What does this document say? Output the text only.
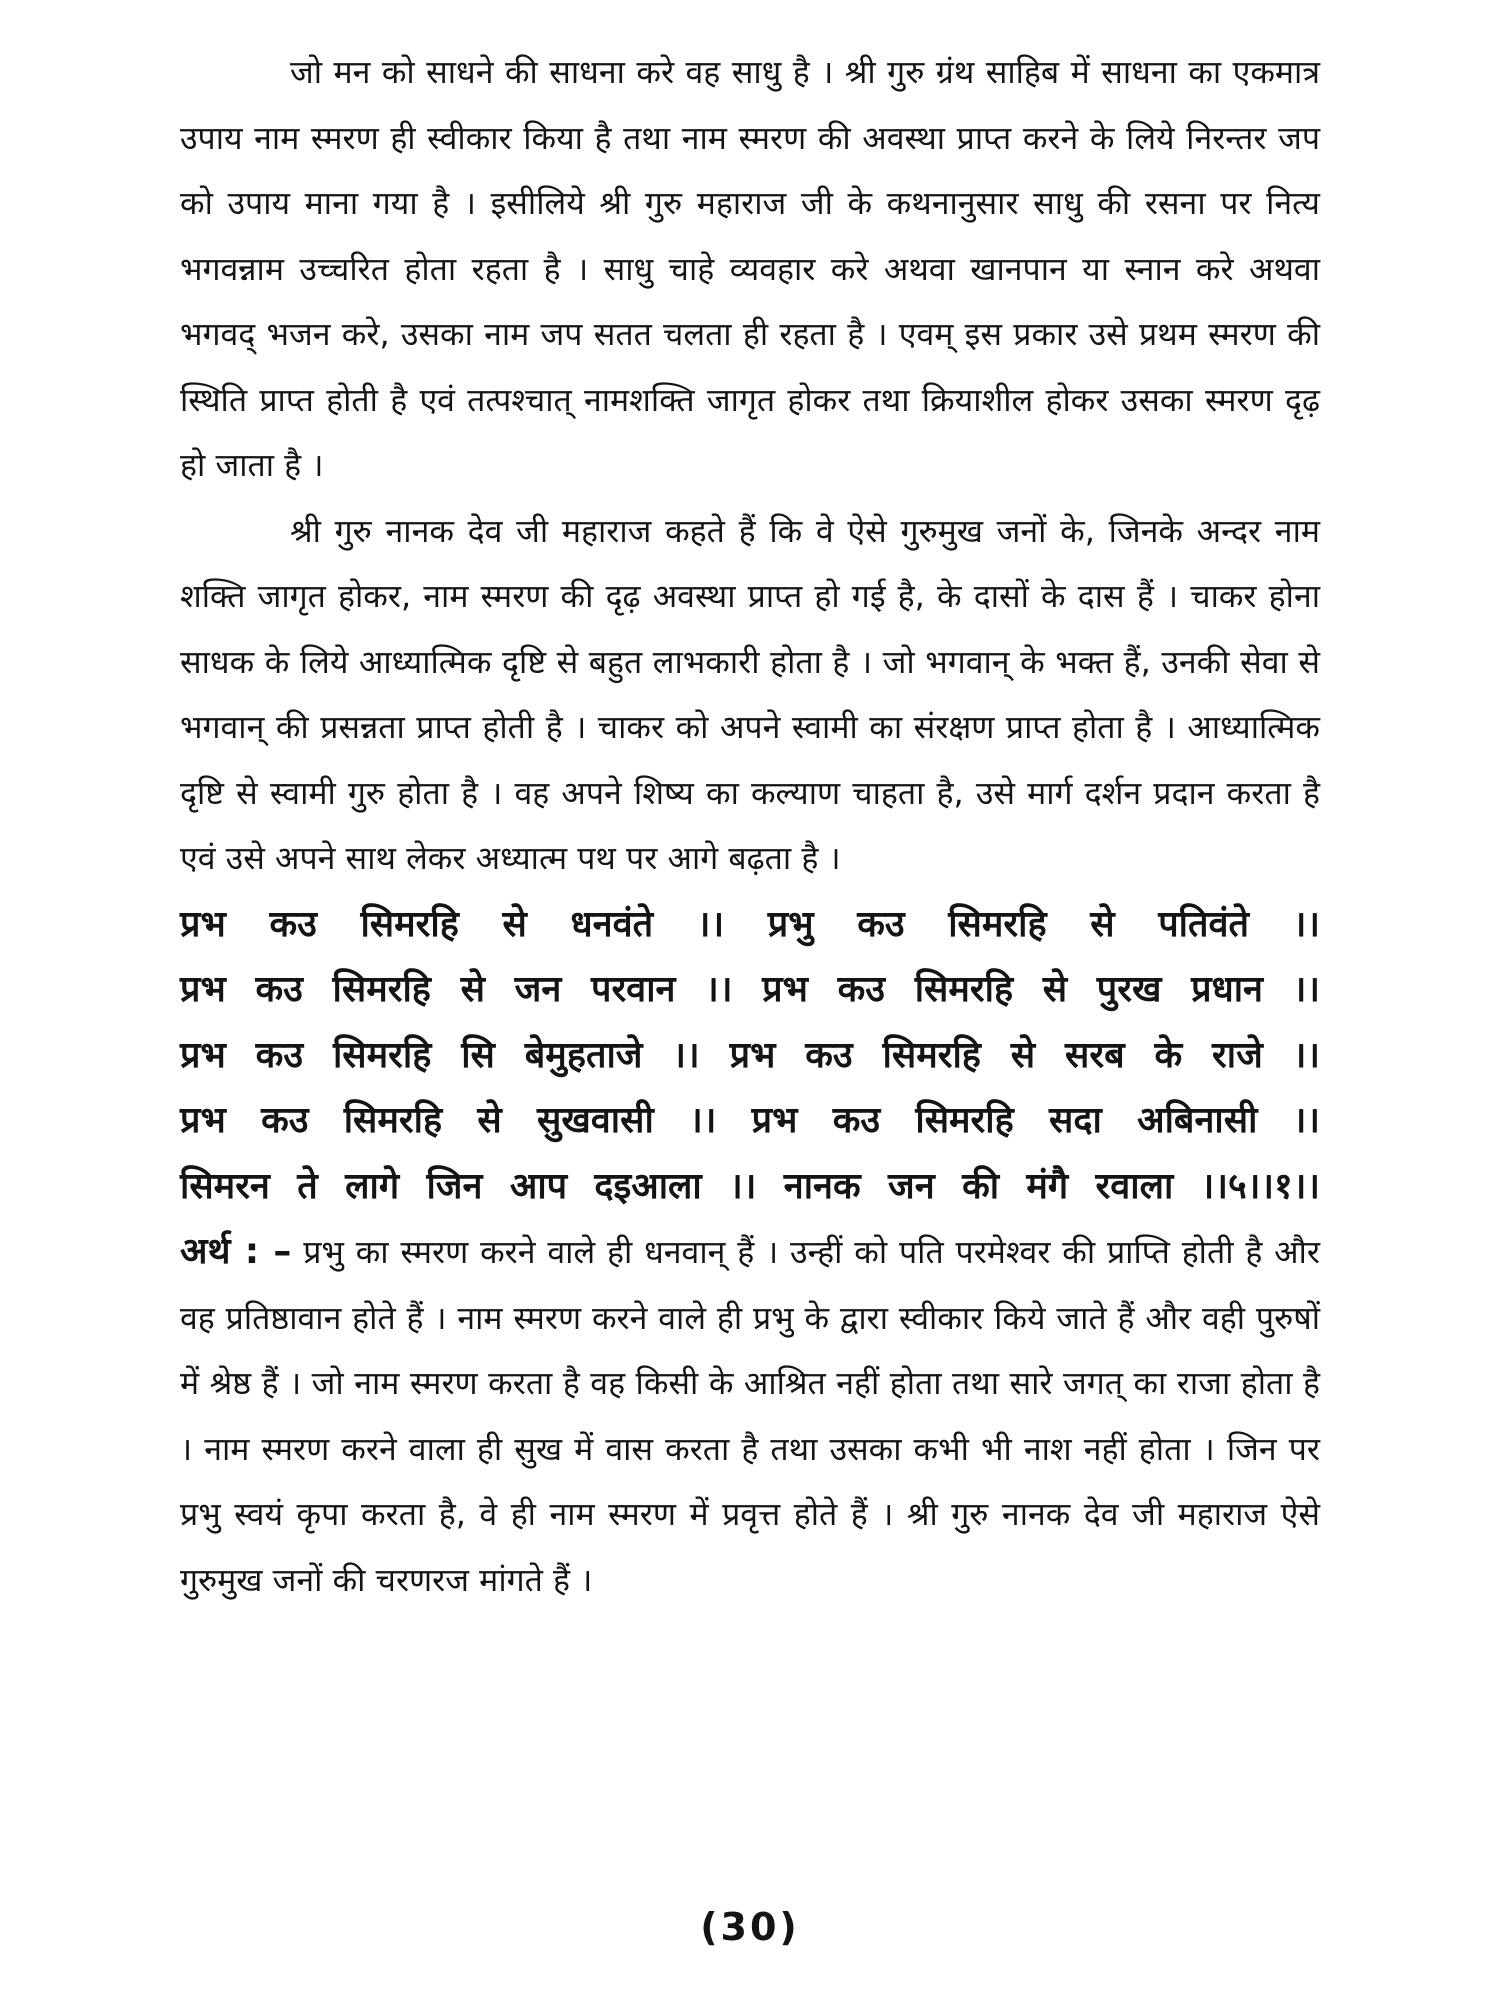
जो मन को साधने की साधना करे वह साधु है । श्री गुरु ग्रंथ साहिब में साधना का एकमात्र उपाय नाम स्मरण ही स्वीकार किया है तथा नाम स्मरण की अवस्था प्राप्त करने के लिये निरन्तर जप को उपाय माना गया है । इसीलिये श्री गुरु महाराज जी के कथनानुसार साधु की रसना पर नित्य भगवन्नाम उच्चरित होता रहता है । साधु चाहे व्यवहार करे अथवा खानपान या स्नान करे अथवा भगवद् भजन करे, उसका नाम जप सतत चलता ही रहता है । एवम् इस प्रकार उसे प्रथम स्मरण की स्थिति प्राप्त होती है एवं तत्पश्चात् नामशक्ति जागृत होकर तथा क्रियाशील होकर उसका स्मरण दृढ़ हो जाता है ।

श्री गुरु नानक देव जी महाराज कहते हैं कि वे ऐसे गुरुमुख जनों के, जिनके अन्दर नाम शक्ति जागृत होकर, नाम स्मरण की दृढ़ अवस्था प्राप्त हो गई है, के दासों के दास हैं । चाकर होना साधक के लिये आध्यात्मिक दृष्टि से बहुत लाभकारी होता है । जो भगवान् के भक्त हैं, उनकी सेवा से भगवान् की प्रसन्नता प्राप्त होती है । चाकर को अपने स्वामी का संरक्षण प्राप्त होता है । आध्यात्मिक दृष्टि से स्वामी गुरु होता है । वह अपने शिष्य का कल्याण चाहता है, उसे मार्ग दर्शन प्रदान करता है एवं उसे अपने साथ लेकर अध्यात्म पथ पर आगे बढ़ता है ।

प्रभ कउ सिमरहि से धनवंते ।। प्रभु कउ सिमरहि से पतिवंते ।।
प्रभ कउ सिमरहि से जन परवान ।। प्रभ कउ सिमरहि से पुरख प्रधान ।।
प्रभ कउ सिमरहि सि बेमुहताजे ।। प्रभ कउ सिमरहि से सरब के राजे ।।
प्रभ कउ सिमरहि से सुखवासी ।। प्रभ कउ सिमरहि सदा अबिनासी ।।
सिमरन ते लागे जिन आप दइआला ।। नानक जन की मंगै रवाला ।।५।।१।।

अर्थ : – प्रभु का स्मरण करने वाले ही धनवान् हैं । उन्हीं को पति परमेश्वर की प्राप्ति होती है और वह प्रतिष्ठावान होते हैं । नाम स्मरण करने वाले ही प्रभु के द्वारा स्वीकार किये जाते हैं और वही पुरुषों में श्रेष्ठ हैं । जो नाम स्मरण करता है वह किसी के आश्रित नहीं होता तथा सारे जगत् का राजा होता है । नाम स्मरण करने वाला ही सुख में वास करता है तथा उसका कभी भी नाश नहीं होता । जिन पर प्रभु स्वयं कृपा करता है, वे ही नाम स्मरण में प्रवृत्त होते हैं । श्री गुरु नानक देव जी महाराज ऐसे गुरुमुख जनों की चरणरज मांगते हैं ।

(30)
